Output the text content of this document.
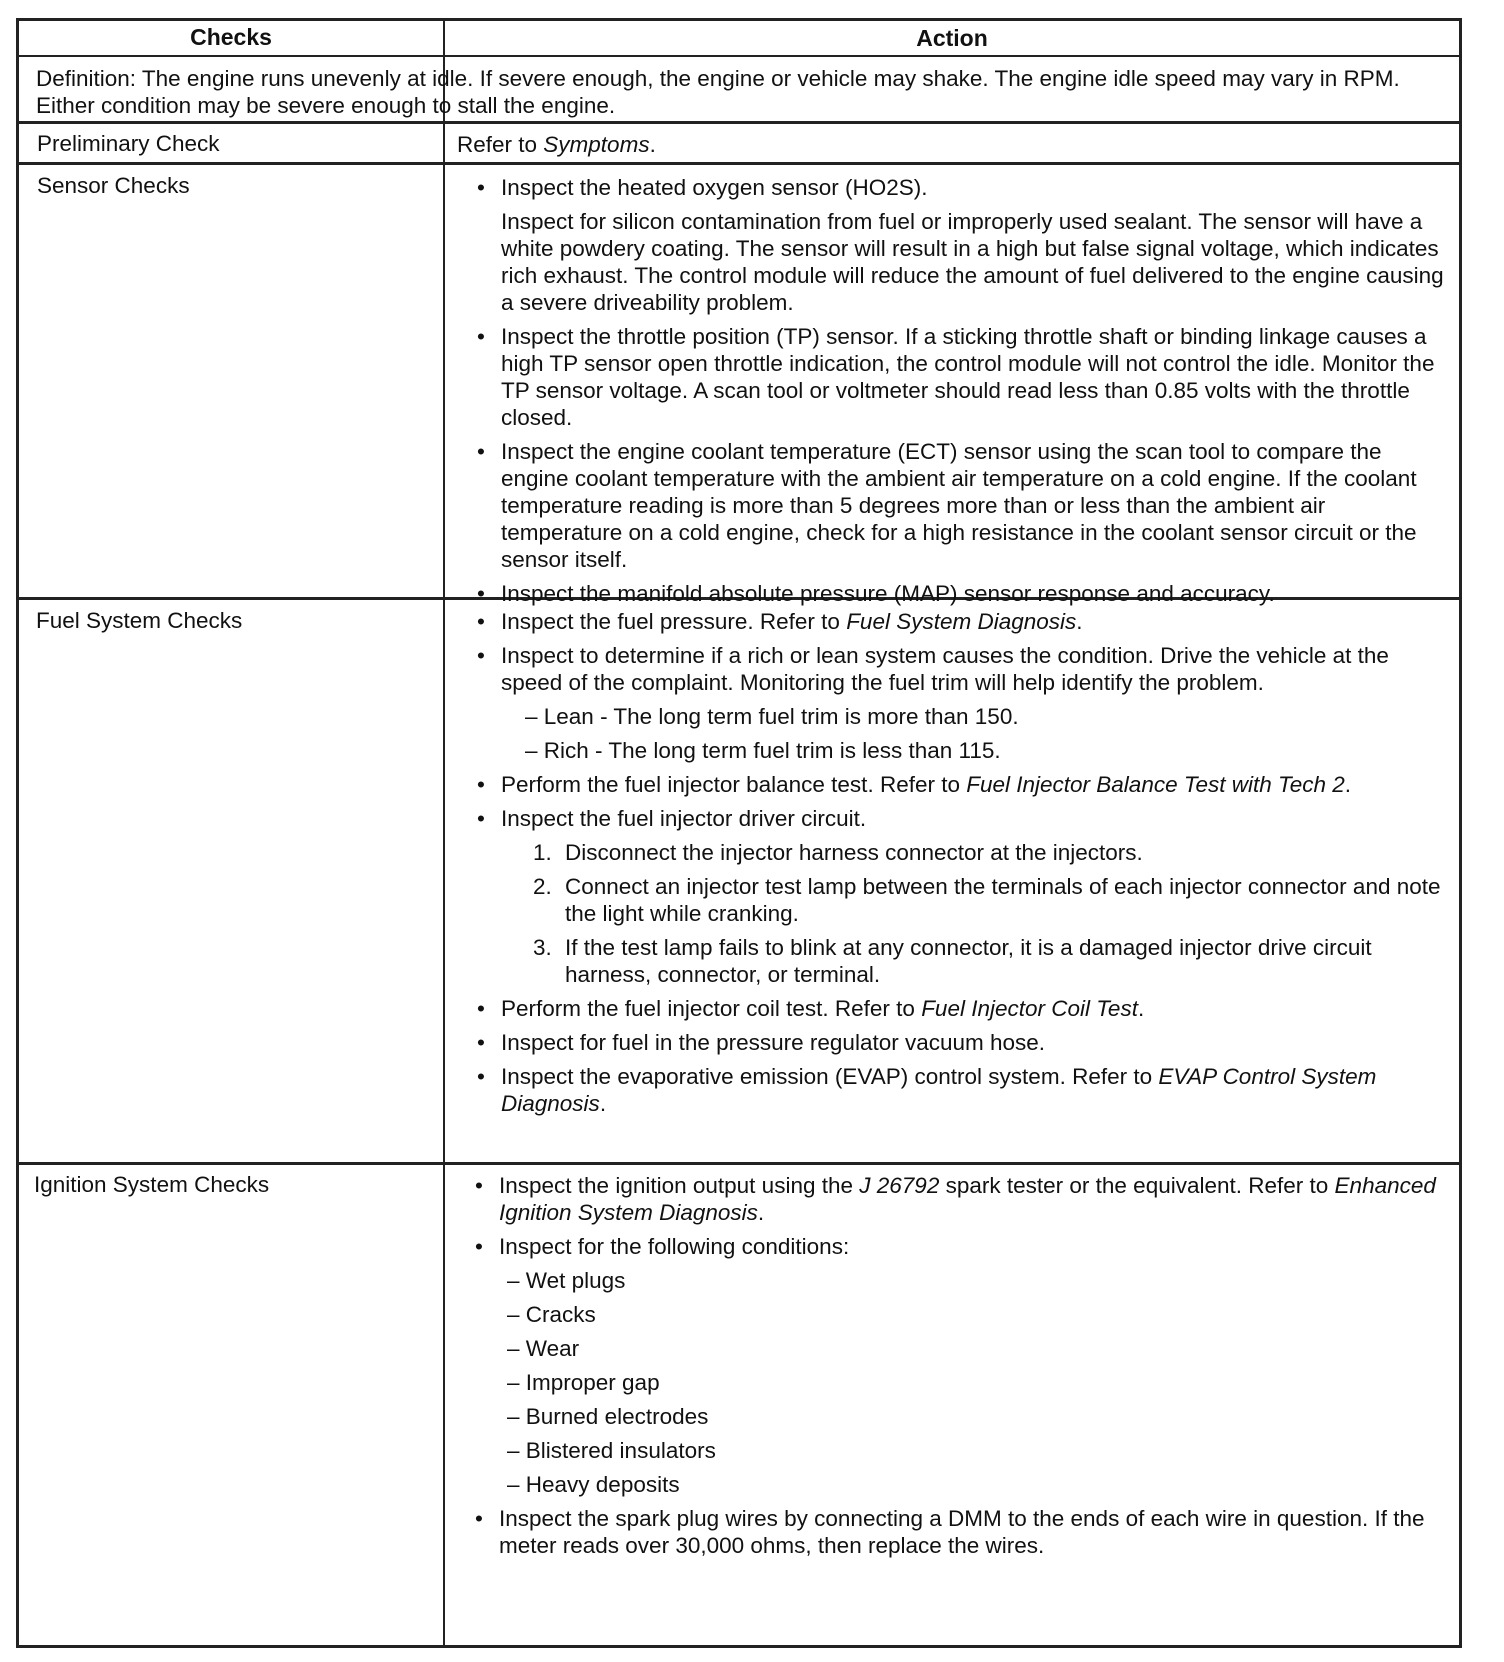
Checks	Action
Definition: The engine runs unevenly at idle. If severe enough, the engine or vehicle may shake. The engine idle speed may vary in RPM. Either condition may be severe enough to stall the engine.
Preliminary Check	Refer to Symptoms.
Sensor Checks	• Inspect the heated oxygen sensor (HO2S).
Inspect for silicon contamination from fuel or improperly used sealant. The sensor will have a white powdery coating. The sensor will result in a high but false signal voltage, which indicates rich exhaust. The control module will reduce the amount of fuel delivered to the engine causing a severe driveability problem.
• Inspect the throttle position (TP) sensor. If a sticking throttle shaft or binding linkage causes a high TP sensor open throttle indication, the control module will not control the idle. Monitor the TP sensor voltage. A scan tool or voltmeter should read less than 0.85 volts with the throttle closed.
• Inspect the engine coolant temperature (ECT) sensor using the scan tool to compare the engine coolant temperature with the ambient air temperature on a cold engine. If the coolant temperature reading is more than 5 degrees more than or less than the ambient air temperature on a cold engine, check for a high resistance in the coolant sensor circuit or the sensor itself.
• Inspect the manifold absolute pressure (MAP) sensor response and accuracy.
Fuel System Checks	• Inspect the fuel pressure. Refer to Fuel System Diagnosis.
• Inspect to determine if a rich or lean system causes the condition. Drive the vehicle at the speed of the complaint. Monitoring the fuel trim will help identify the problem.
– Lean - The long term fuel trim is more than 150.
– Rich - The long term fuel trim is less than 115.
• Perform the fuel injector balance test. Refer to Fuel Injector Balance Test with Tech 2.
• Inspect the fuel injector driver circuit.
1. Disconnect the injector harness connector at the injectors.
2. Connect an injector test lamp between the terminals of each injector connector and note the light while cranking.
3. If the test lamp fails to blink at any connector, it is a damaged injector drive circuit harness, connector, or terminal.
• Perform the fuel injector coil test. Refer to Fuel Injector Coil Test.
• Inspect for fuel in the pressure regulator vacuum hose.
• Inspect the evaporative emission (EVAP) control system. Refer to EVAP Control System Diagnosis.
Ignition System Checks	• Inspect the ignition output using the J 26792 spark tester or the equivalent. Refer to Enhanced Ignition System Diagnosis.
• Inspect for the following conditions:
– Wet plugs
– Cracks
– Wear
– Improper gap
– Burned electrodes
– Blistered insulators
– Heavy deposits
• Inspect the spark plug wires by connecting a DMM to the ends of each wire in question. If the meter reads over 30,000 ohms, then replace the wires.
